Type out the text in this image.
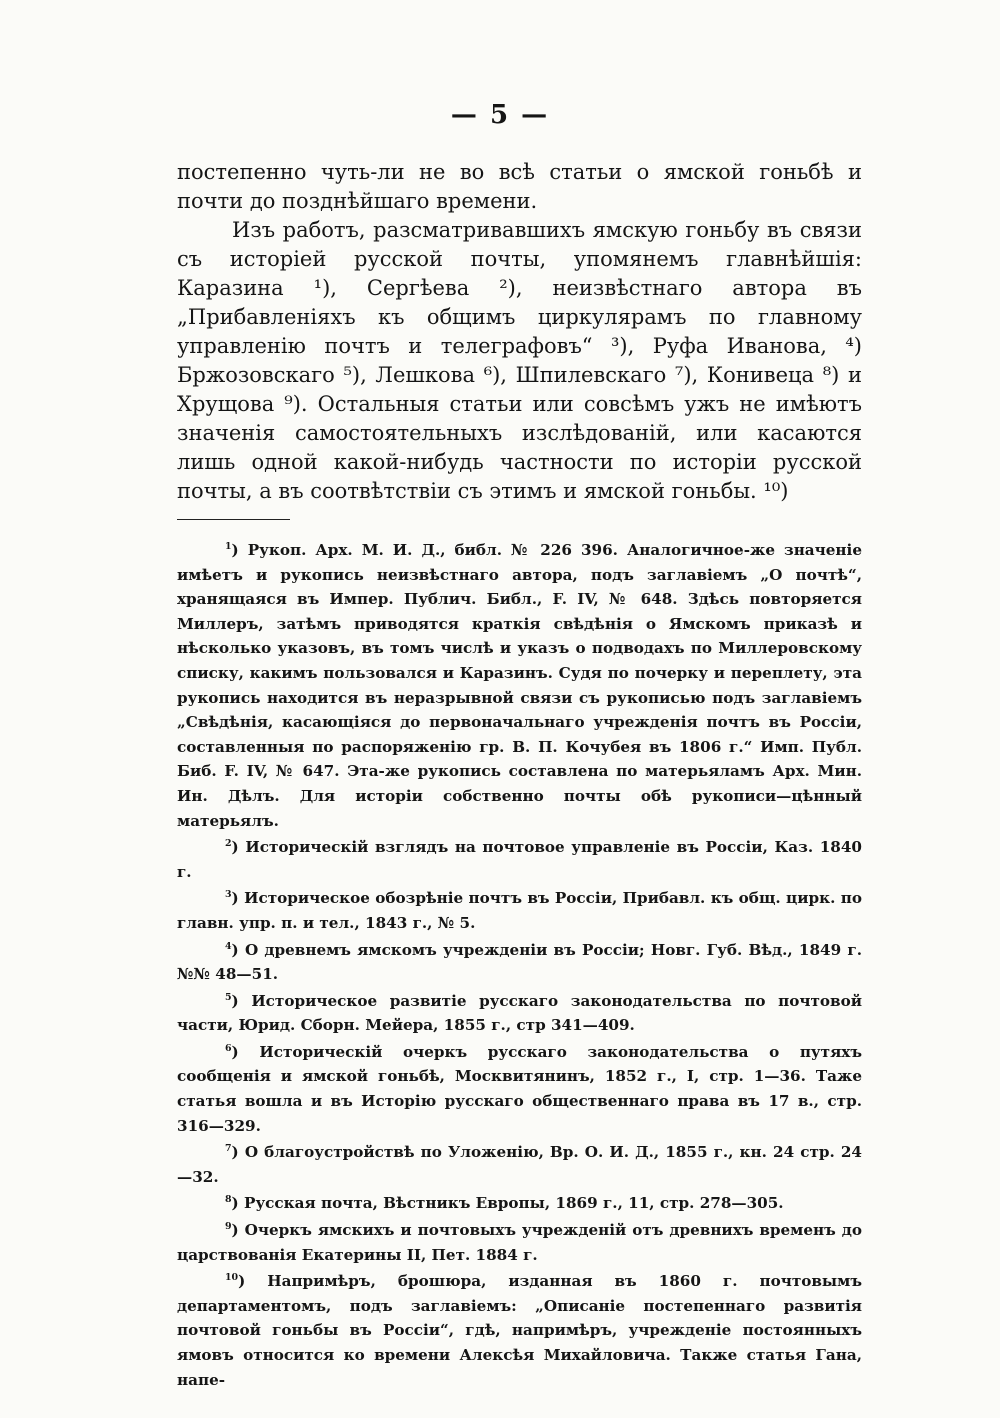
— 5 —

постепенно чуть-ли не во всѣ статьи о ямской гоньбѣ и почти до позднѣйшаго времени.

Изъ работъ, разсматривавшихъ ямскую гоньбу въ связи съ исторіей русской почты, упомянемъ главнѣйшія: Каразина ¹), Сергѣева ²), неизвѣстнаго автора въ „Прибавленіяхъ къ общимъ циркулярамъ по главному управленію почтъ и телеграфовъ“ ³), Руфа Иванова, ⁴) Бржозовскаго ⁵), Лешкова ⁶), Шпилевскаго ⁷), Конивеца ⁸) и Хрущова ⁹). Остальныя статьи или совсѣмъ ужъ не имѣютъ значенія самостоятельныхъ изслѣдованій, или касаются лишь одной какой-нибудь частности по исторіи русской почты, а въ соотвѣтствіи съ этимъ и ямской гоньбы. ¹⁰)

$^1$) Рукоп. Арх. М. И. Д., библ. № 226 396. Аналогичное-же значеніе имѣетъ и рукопись неизвѣстнаго автора, подъ заглавіемъ „О почтѣ“, хранящаяся въ Импер. Публич. Библ., F. IV, № 648. Здѣсь повторяется Миллеръ, затѣмъ приводятся краткія свѣдѣнія о Ямскомъ приказѣ и нѣсколько указовъ, въ томъ числѣ и указъ о подводахъ по Миллеровскому списку, какимъ пользовался и Каразинъ. Судя по почерку и переплету, эта рукопись находится въ неразрывной связи съ рукописью подъ заглавіемъ „Свѣдѣнія, касающіяся до первоначальнаго учрежденія почтъ въ Россіи, составленныя по распоряженію гр. В. П. Кочубея въ 1806 г.“ Имп. Публ. Биб. F. IV, № 647. Эта-же рукопись составлена по матерьяламъ Арх. Мин. Ин. Дѣлъ. Для исторіи собственно почты обѣ рукописи—цѣнный матерьялъ.

$^2$) Историческій взглядъ на почтовое управленіе въ Россіи, Каз. 1840 г.

$^3$) Историческое обозрѣніе почтъ въ Россіи, Прибавл. къ общ. цирк. по главн. упр. п. и тел., 1843 г., № 5.

$^4$) О древнемъ ямскомъ учрежденіи въ Россіи; Новг. Губ. Вѣд., 1849 г. №№ 48—51.

$^5$) Историческое развитіе русскаго законодательства по почтовой части, Юрид. Сборн. Мейера, 1855 г., стр 341—409.

$^6$) Историческій очеркъ русскаго законодательства о путяхъ сообщенія и ямской гоньбѣ, Москвитянинъ, 1852 г., I, стр. 1—36. Таже статья вошла и въ Исторію русскаго общественнаго права въ 17 в., стр. 316—329.

$^7$) О благоустройствѣ по Уложенію, Вр. О. И. Д., 1855 г., кн. 24 стр. 24—32.

$^8$) Русская почта, Вѣстникъ Европы, 1869 г., 11, стр. 278—305.

$^9$) Очеркъ ямскихъ и почтовыхъ учрежденій отъ древнихъ временъ до царствованія Екатерины II, Пет. 1884 г.

$^{10}$) Напримѣръ, брошюра, изданная въ 1860 г. почтовымъ департаментомъ, подъ заглавіемъ: „Описаніе постепеннаго развитія почтовой гоньбы въ Россіи“, гдѣ, напримѣръ, учрежденіе постоянныхъ ямовъ относится ко времени Алексѣя Михайловича. Также статья Гана, напе-
